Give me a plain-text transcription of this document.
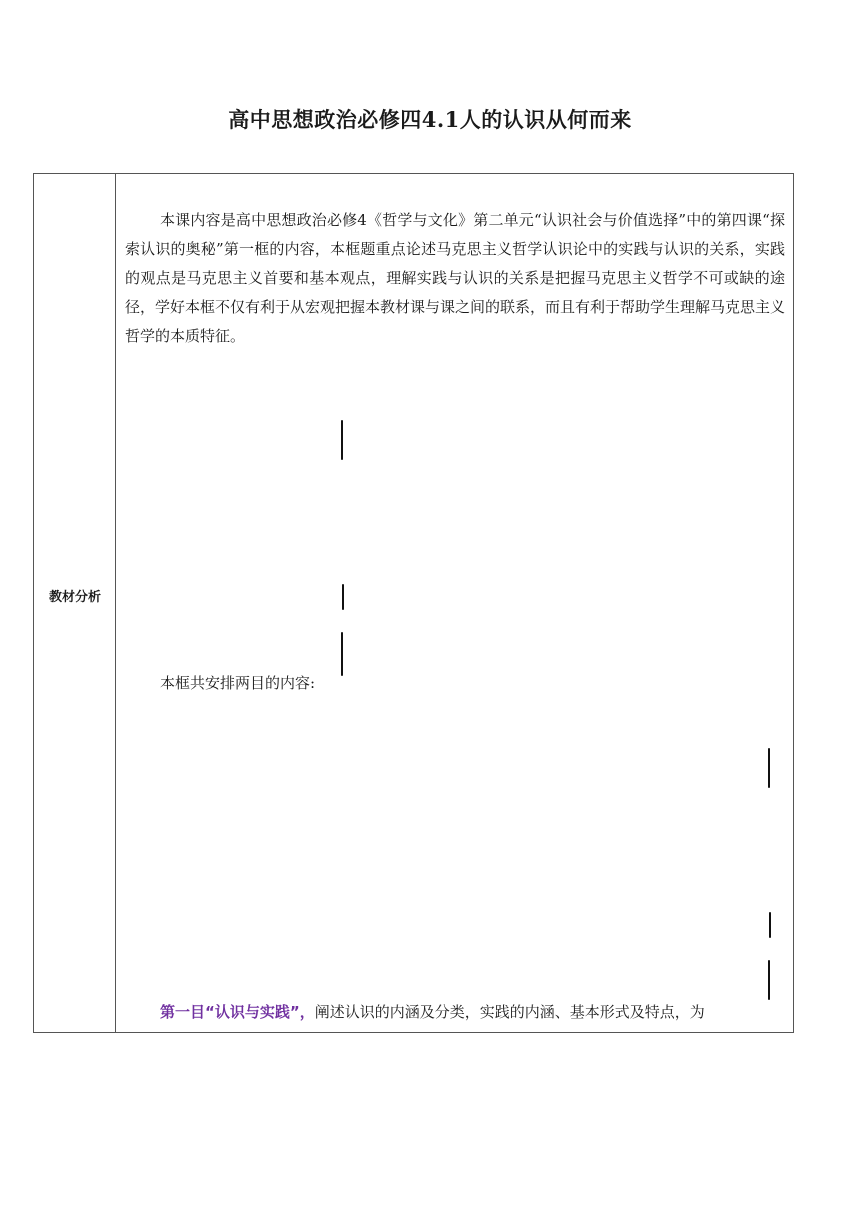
高中思想政治必修四4.1人的认识从何而来
教材分析

本课内容是高中思想政治必修4《哲学与文化》第二单元“认识社会与价值选择”中的第四课“探索认识的奥秘”第一框的内容，本框题重点论述马克思主义哲学认识论中的实践与认识的关系，实践的观点是马克思主义首要和基本观点，理解实践与认识的关系是把握马克思主义哲学不可或缺的途径，学好本框不仅有利于从宏观把握本教材课与课之间的联系，而且有利于帮助学生理解马克思主义哲学的本质特征。

本框共安排两目的内容:

第一目“认识与实践”，阐述认识的内涵及分类，实践的内涵、基本形式及特点，为
